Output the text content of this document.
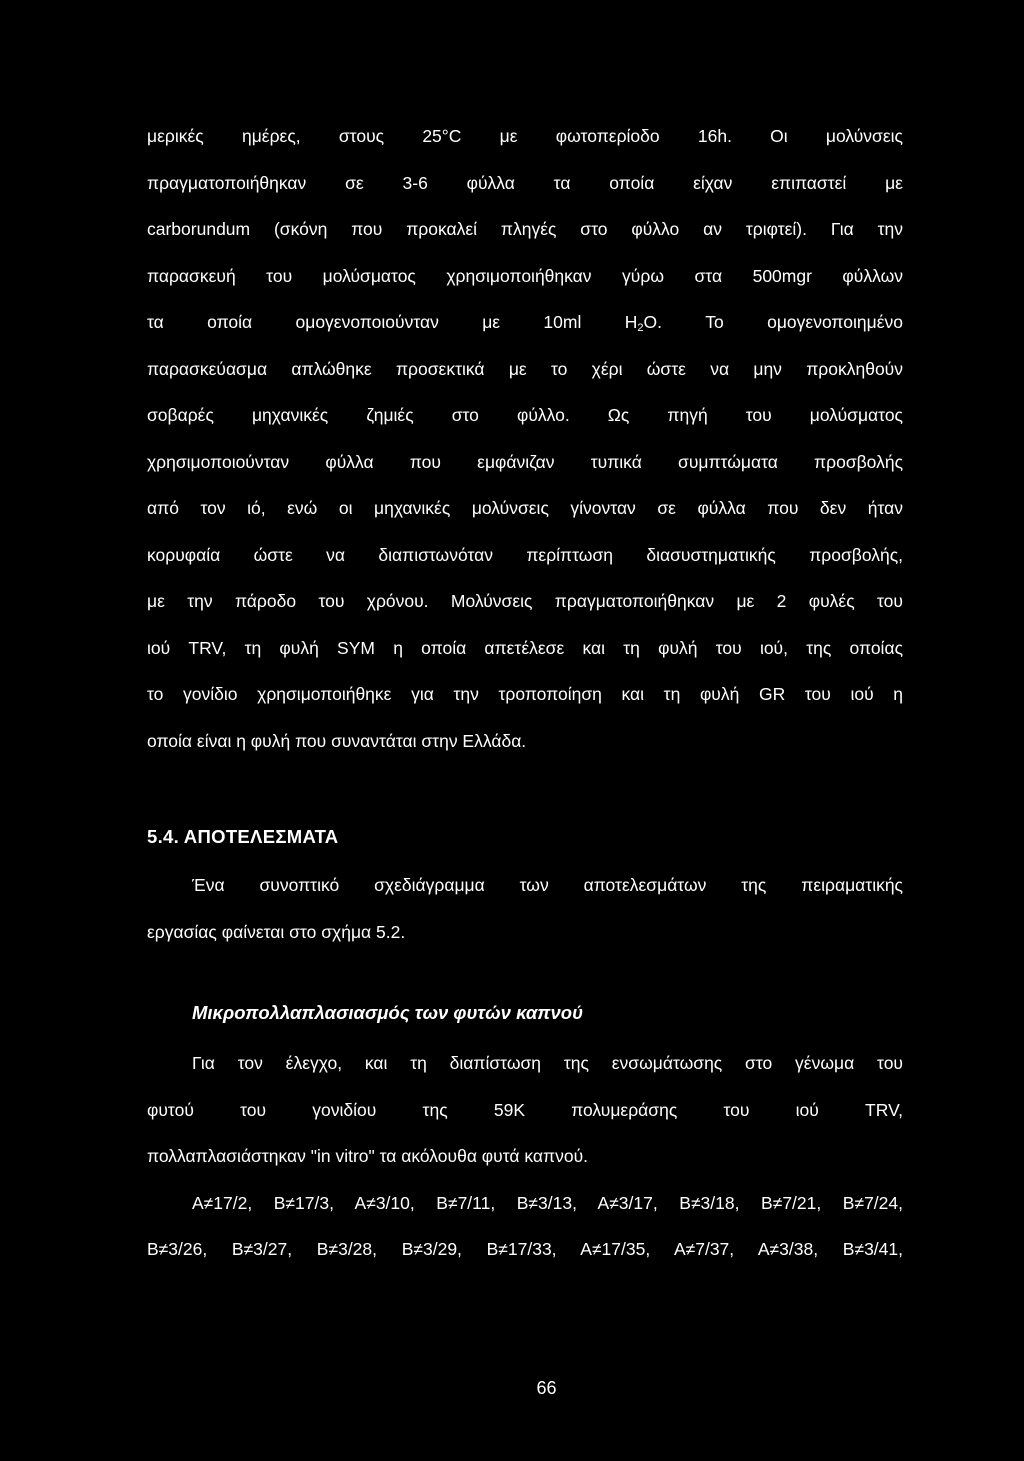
μερικές ημέρες, στους 25°C με φωτοπερίοδο 16h. Οι μολύνσεις
πραγματοποιήθηκαν σε 3-6 φύλλα τα οποία είχαν επιπαστεί με
carborundum (σκόνη που προκαλεί πληγές στο φύλλο αν τριφτεί). Για την
παρασκευή του μολύσματος χρησιμοποιήθηκαν γύρω στα 500mgr φύλλων
τα οποία ομογενοποιούνταν με 10ml $H_2O$. Το ομογενοποιημένο
παρασκεύασμα απλώθηκε προσεκτικά με το χέρι ώστε να μην προκληθούν
σοβαρές μηχανικές ζημιές στο φύλλο. Ως πηγή του μολύσματος
χρησιμοποιούνταν φύλλα που εμφάνιζαν τυπικά συμπτώματα προσβολής
από τον ιό, ενώ οι μηχανικές μολύνσεις γίνονταν σε φύλλα που δεν ήταν
κορυφαία ώστε να διαπιστωνόταν περίπτωση διασυστηματικής προσβολής,
με την πάροδο του χρόνου. Μολύνσεις πραγματοποιήθηκαν με 2 φυλές του
ιού TRV, τη φυλή SYM η οποία απετέλεσε και τη φυλή του ιού, της οποίας
το γονίδιο χρησιμοποιήθηκε για την τροποποίηση και τη φυλή GR του ιού η
οποία είναι η φυλή που συναντάται στην Ελλάδα.
5.4. ΑΠΟΤΕΛΕΣΜΑΤΑ
Ένα συνοπτικό σχεδιάγραμμα των αποτελεσμάτων της πειραματικής
εργασίας φαίνεται στο σχήμα 5.2.
Μικροπολλαπλασιασμός των φυτών καπνού
Για τον έλεγχο, και τη διαπίστωση της ενσωμάτωσης στο γένωμα του
φυτού του γονιδίου της 59Κ πολυμεράσης του ιού TRV,
πολλαπλασιάστηκαν "in vitro" τα ακόλουθα φυτά καπνού.
A≠17/2, B≠17/3, A≠3/10, B≠7/11, B≠3/13, A≠3/17, B≠3/18, B≠7/21, B≠7/24,
B≠3/26, B≠3/27, B≠3/28, B≠3/29, B≠17/33, A≠17/35, A≠7/37, A≠3/38, B≠3/41,
66
